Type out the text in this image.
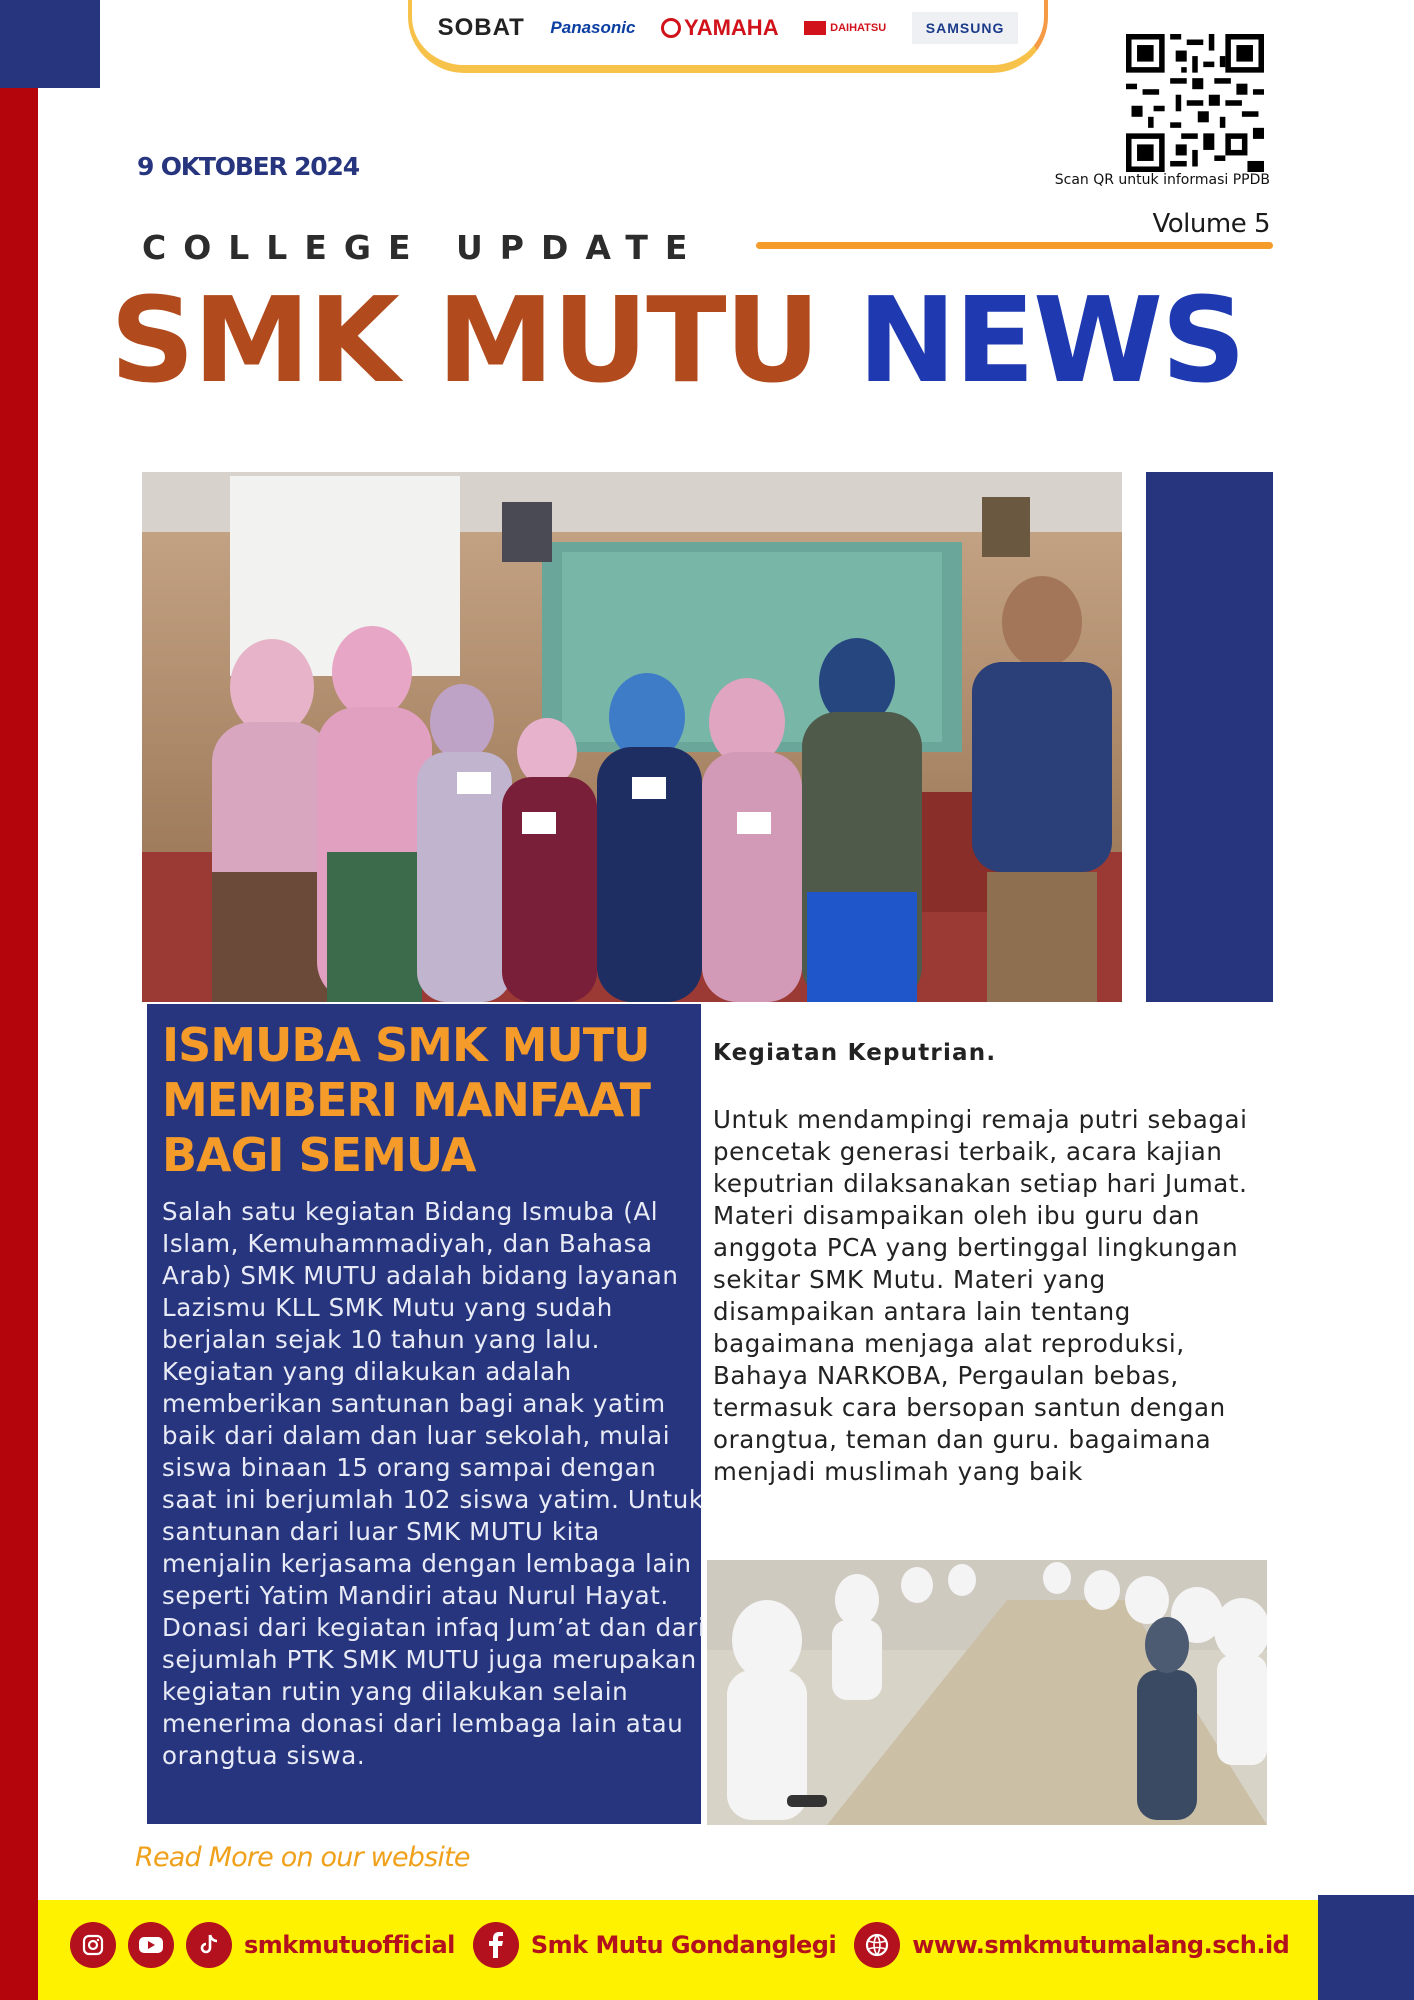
SOBAT Panasonic YAMAHA	DAIHATSU	SAMSUNG
Scan QR untuk informasi PPDB
9 OKTOBER 2024
COLLEGE UPDATE
Volume 5
SMK MUTU NEWS
ISMUBA SMK MUTU MEMBERI MANFAAT BAGI SEMUA
Salah satu kegiatan Bidang Ismuba (Al Islam, Kemuhammadiyah, dan Bahasa Arab) SMK MUTU adalah bidang layanan Lazismu KLL SMK Mutu yang sudah berjalan sejak 10 tahun yang lalu. Kegiatan yang dilakukan adalah memberikan santunan bagi anak yatim baik dari dalam dan luar sekolah, mulai siswa binaan 15 orang sampai dengan saat ini berjumlah 102 siswa yatim. Untuk santunan dari luar SMK MUTU kita menjalin kerjasama dengan lembaga lain seperti Yatim Mandiri atau Nurul Hayat. Donasi dari kegiatan infaq Jum’at dan dari sejumlah PTK SMK MUTU juga merupakan kegiatan rutin yang dilakukan selain menerima donasi dari lembaga lain atau orangtua siswa.
Kegiatan Keputrian.
Untuk mendampingi remaja putri sebagai pencetak generasi terbaik, acara kajian keputrian dilaksanakan setiap hari Jumat. Materi disampaikan oleh ibu guru dan anggota PCA yang bertinggal lingkungan sekitar SMK Mutu. Materi yang disampaikan antara lain tentang bagaimana menjaga alat reproduksi, Bahaya NARKOBA, Pergaulan bebas, termasuk cara bersopan santun dengan orangtua, teman dan guru. bagaimana menjadi muslimah yang baik
Read More on our website
smkmutuofficial	Smk Mutu Gondanglegi	www.smkmutumalang.sch.id
